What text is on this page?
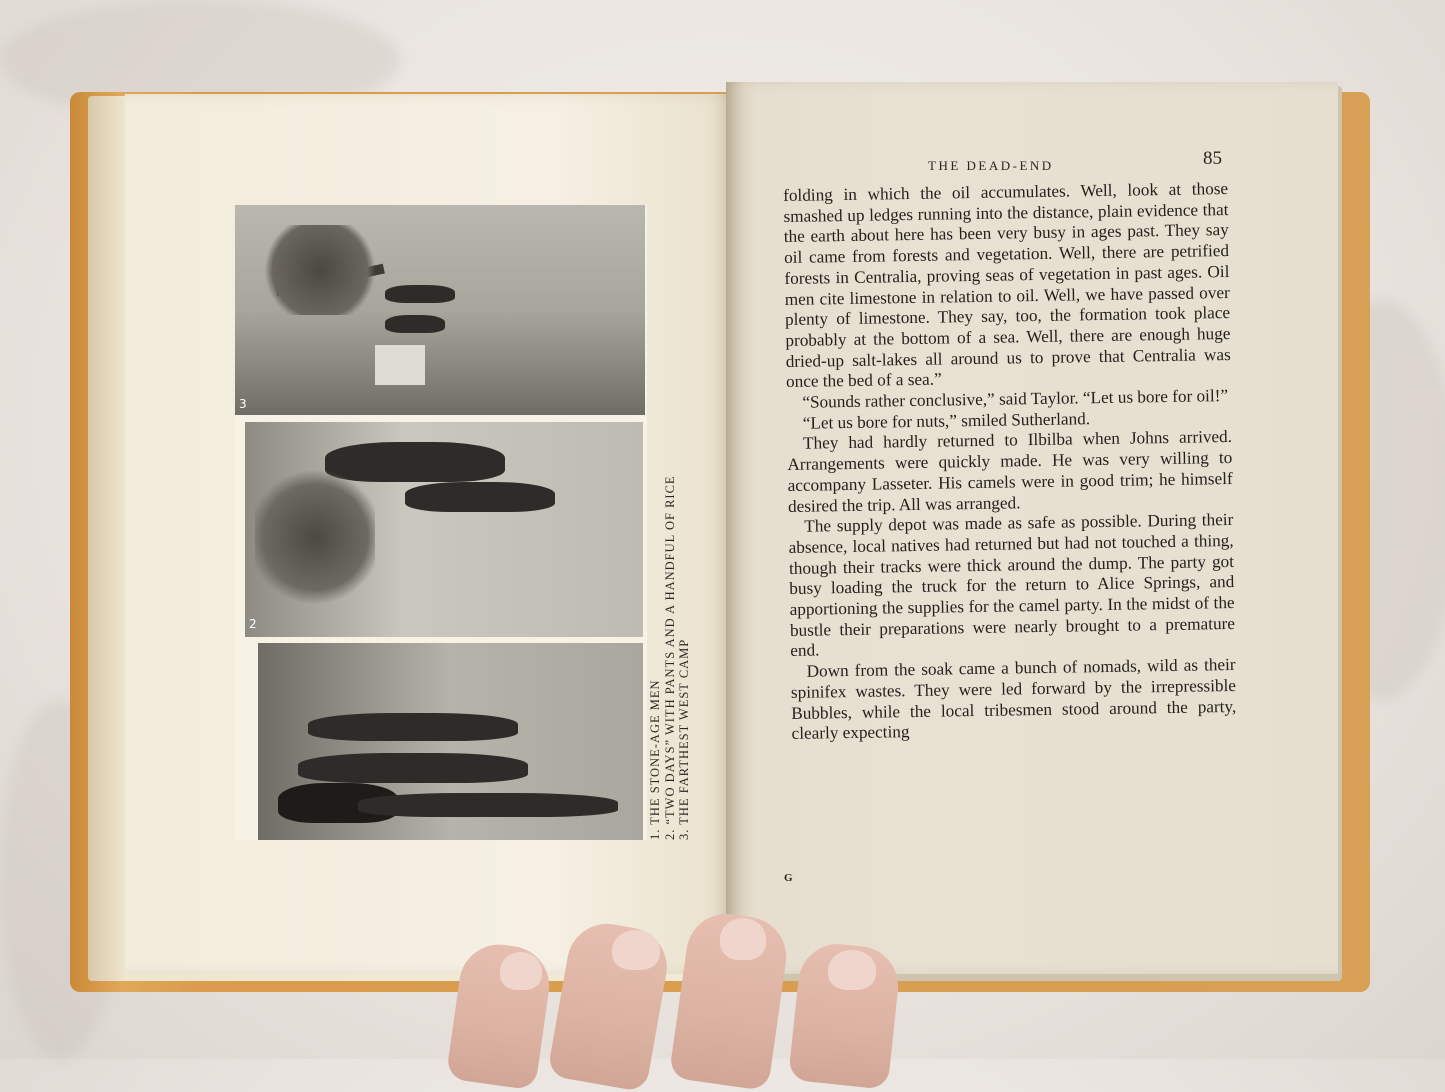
3
2
1. THE STONE-AGE MEN 2. “TWO DAYS” WITH PANTS AND A HANDFUL OF RICE 3. THE FARTHEST WEST CAMP
THE DEAD-END	85

folding in which the oil accumulates. Well, look at those smashed up ledges running into the distance, plain evidence that the earth about here has been very busy in ages past. They say oil came from forests and vegetation. Well, there are petrified forests in Centralia, proving seas of vegetation in past ages. Oil men cite limestone in relation to oil. Well, we have passed over plenty of limestone. They say, too, the formation took place probably at the bottom of a sea. Well, there are enough huge dried-up salt-lakes all around us to prove that Centralia was once the bed of a sea.”

“Sounds rather conclusive,” said Taylor. “Let us bore for oil!”

“Let us bore for nuts,” smiled Sutherland.

They had hardly returned to Ilbilba when Johns arrived. Arrangements were quickly made. He was very willing to accompany Lasseter. His camels were in good trim; he himself desired the trip. All was arranged.

The supply depot was made as safe as possible. During their absence, local natives had returned but had not touched a thing, though their tracks were thick around the dump. The party got busy loading the truck for the return to Alice Springs, and apportioning the supplies for the camel party. In the midst of the bustle their preparations were nearly brought to a premature end.

Down from the soak came a bunch of nomads, wild as their spinifex wastes. They were led forward by the irrepressible Bubbles, while the local tribesmen stood around the party, clearly expecting

G
